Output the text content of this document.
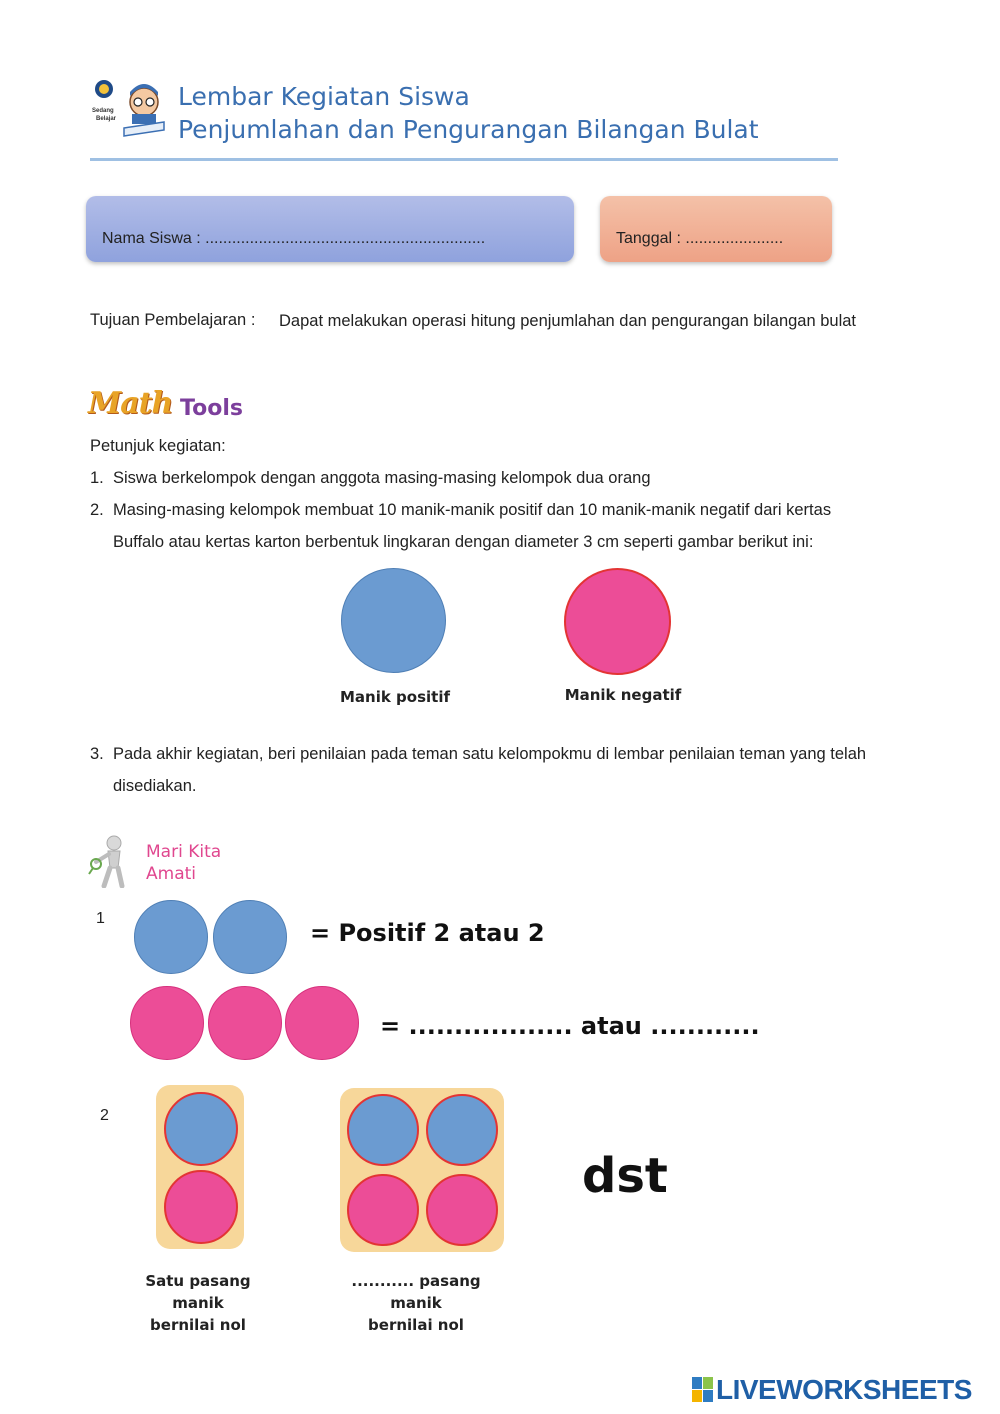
Sedang
Belajar
Lembar Kegiatan Siswa
Penjumlahan dan Pengurangan Bilangan Bulat
Nama Siswa : ...............................................................	Tanggal : ......................
Tujuan Pembelajaran : Dapat melakukan operasi hitung penjumlahan dan pengurangan bilangan bulat
Math Tools
Petunjuk kegiatan:
1. Siswa berkelompok dengan anggota masing-masing kelompok dua orang
2. Masing-masing kelompok membuat 10 manik-manik positif dan 10 manik-manik negatif dari kertas Buffalo atau kertas karton berbentuk lingkaran dengan diameter 3 cm seperti gambar berikut ini:
Manik positif	Manik negatif
3. Pada akhir kegiatan, beri penilaian pada teman satu kelompokmu di lembar penilaian teman yang telah disediakan.
Mari Kita
Amati
1
= Positif 2 atau 2
= .................. atau ............
2
dst
Satu pasang
manik
bernilai nol
........... pasang
manik
bernilai nol
LIVEWORKSHEETS
